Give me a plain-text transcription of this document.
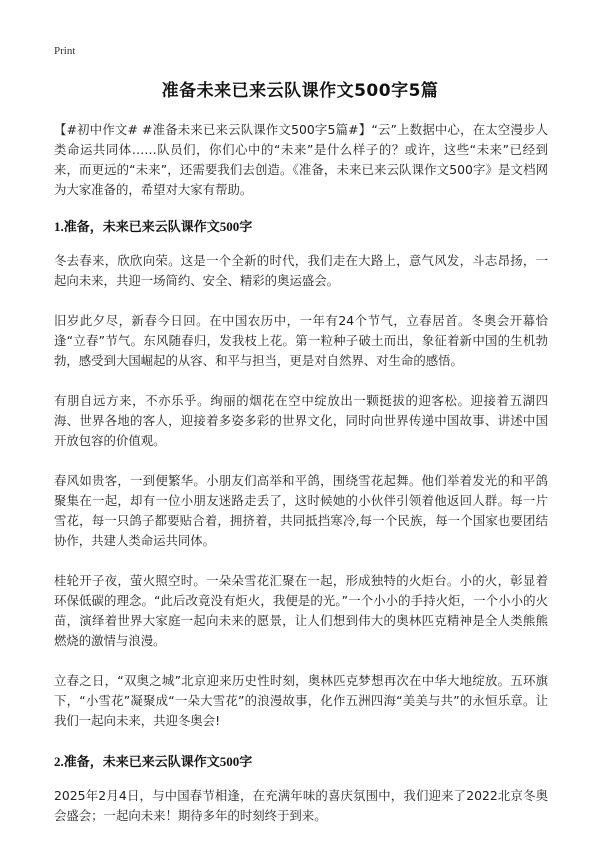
Print
准备未来已来云队课作文500字5篇

【#初中作文# #准备未来已来云队课作文500字5篇#】“云”上数据中心，在太空漫步人类命运共同体……队员们，你们心中的“未来”是什么样子的？或许，这些“未来”已经到来，而更远的“未来”，还需要我们去创造。《准备，未来已来云队课作文500字》是文档网为大家准备的，希望对大家有帮助。

1.准备，未来已来云队课作文500字

冬去春来，欣欣向荣。这是一个全新的时代，我们走在大路上，意气风发，斗志昂扬，一起向未来，共迎一场简约、安全、精彩的奥运盛会。

旧岁此夕尽，新春今日回。在中国农历中，一年有24个节气，立春居首。冬奥会开幕恰逢“立春”节气。东风随春归，发我枝上花。第一粒种子破土而出，象征着新中国的生机勃勃，感受到大国崛起的从容、和平与担当，更是对自然界、对生命的感悟。

有朋自远方来，不亦乐乎。绚丽的烟花在空中绽放出一颗挺拔的迎客松。迎接着五湖四海、世界各地的客人，迎接着多姿多彩的世界文化，同时向世界传递中国故事、讲述中国开放包容的价值观。

春风如贵客，一到便繁华。小朋友们高举和平鸽，围绕雪花起舞。他们举着发光的和平鸽聚集在一起，却有一位小朋友迷路走丢了，这时候她的小伙伴引领着他返回人群。每一片雪花，每一只鸽子都要贴合着，拥挤着，共同抵挡寒冷,每一个民族，每一个国家也要团结协作，共建人类命运共同体。

桂轮开子夜，萤火照空时。一朵朵雪花汇聚在一起，形成独特的火炬台。小的火，彰显着环保低碳的理念。“此后改竟没有炬火，我便是的光。”一个小小的手持火炬，一个小小的火苗，演绎着世界大家庭一起向未来的愿景，让人们想到伟大的奥林匹克精神是全人类熊熊燃烧的激情与浪漫。

立春之日，“双奥之城”北京迎来历史性时刻，奥林匹克梦想再次在中华大地绽放。五环旗下，“小雪花”凝聚成“一朵大雪花”的浪漫故事，化作五洲四海“美美与共”的永恒乐章。让我们一起向未来，共迎冬奥会!

2.准备，未来已来云队课作文500字

2025年2月4日，与中国春节相逢，在充满年味的喜庆氛围中，我们迎来了2022北京冬奥会盛会；一起向未来！期待多年的时刻终于到来。
